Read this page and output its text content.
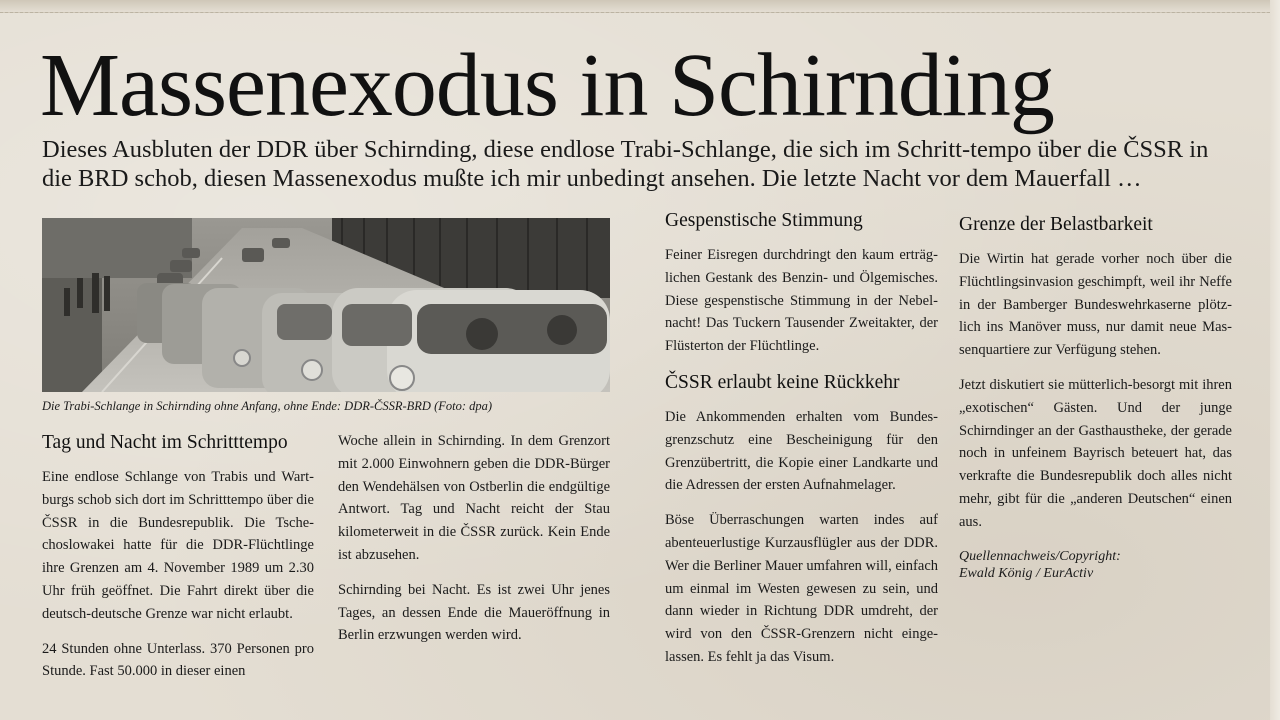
Massenexodus in Schirnding
Dieses Ausbluten der DDR über Schirnding, diese endlose Trabi-Schlange, die sich im Schritt-tempo über die ČSSR in die BRD schob, diesen Massenexodus mußte ich mir unbedingt ansehen. Die letzte Nacht vor dem Mauerfall …
Die Trabi-Schlange in Schirnding ohne Anfang, ohne Ende: DDR-ČSSR-BRD (Foto: dpa)
Tag und Nacht im Schritttempo

Eine endlose Schlange von Trabis und Wartburgs schob sich dort im Schritttempo über die ČSSR in die Bundesrepublik. Die Tschechoslowakei hatte für die DDR-Flüchtlinge ihre Grenzen am 4. November 1989 um 2.30 Uhr früh geöffnet. Die Fahrt direkt über die deutsch-deutsche Grenze war nicht erlaubt.

24 Stunden ohne Unterlass. 370 Personen pro Stunde. Fast 50.000 in dieser einen

Woche allein in Schirnding. In dem Grenzort mit 2.000 Einwohnern geben die DDR-Bürger den Wendehälsen von Ostberlin die endgültige Antwort. Tag und Nacht reicht der Stau kilometerweit in die ČSSR zurück. Kein Ende ist abzusehen.

Schirnding bei Nacht. Es ist zwei Uhr jenes Tages, an dessen Ende die Maueröffnung in Berlin erzwungen werden wird.

Gespenstische Stimmung

Feiner Eisregen durchdringt den kaum erträglichen Gestank des Benzin- und Ölgemisches. Diese gespenstische Stimmung in der Nebelnacht! Das Tuckern Tausender Zweitakter, der Flüsterton der Flüchtlinge.

ČSSR erlaubt keine Rückkehr

Die Ankommenden erhalten vom Bundesgrenzschutz eine Bescheinigung für den Grenzübertritt, die Kopie einer Landkarte und die Adressen der ersten Aufnahmelager.

Böse Überraschungen warten indes auf abenteuerlustige Kurzausflügler aus der DDR. Wer die Berliner Mauer umfahren will, einfach um einmal im Westen gewesen zu sein, und dann wieder in Richtung DDR umdreht, der wird von den ČSSR-Grenzern nicht eingelassen. Es fehlt ja das Visum.

Grenze der Belastbarkeit

Die Wirtin hat gerade vorher noch über die Flüchtlingsinvasion geschimpft, weil ihr Neffe in der Bamberger Bundeswehrkaserne plötzlich ins Manöver muss, nur damit neue Massenquartiere zur Verfügung stehen.

Jetzt diskutiert sie mütterlich-besorgt mit ihren „exotischen“ Gästen. Und der junge Schirndinger an der Gasthaustheke, der gerade noch in unfeinem Bayrisch beteuert hat, das verkrafte die Bundesrepublik doch alles nicht mehr, gibt für die „anderen Deutschen“ einen aus.

Quellennachweis/Copyright:
Ewald König / EurActiv
